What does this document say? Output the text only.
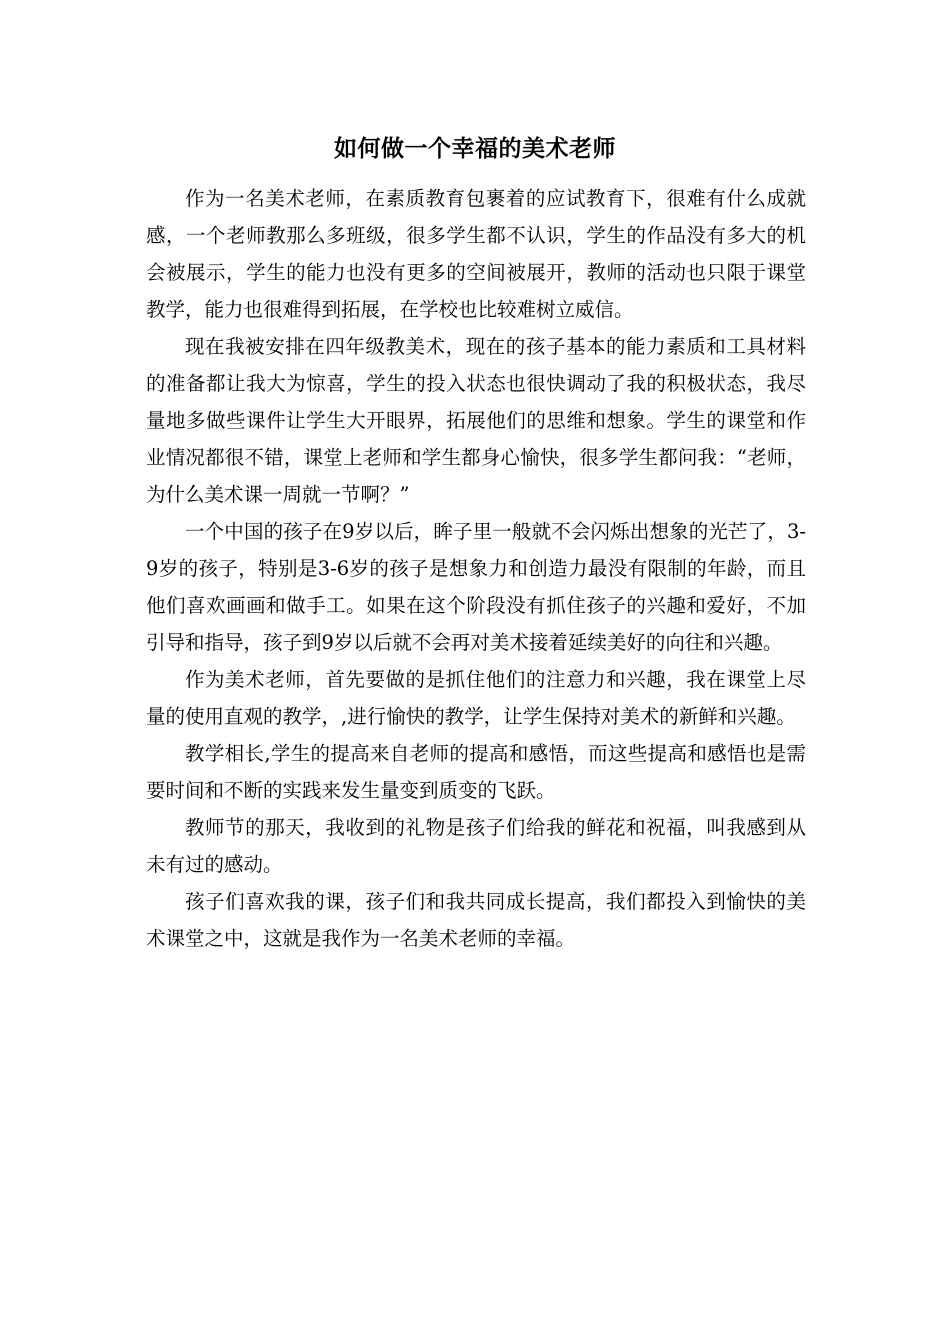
如何做一个幸福的美术老师

作为一名美术老师，在素质教育包裹着的应试教育下，很难有什么成就感，一个老师教那么多班级，很多学生都不认识，学生的作品没有多大的机会被展示，学生的能力也没有更多的空间被展开，教师的活动也只限于课堂教学，能力也很难得到拓展，在学校也比较难树立威信。

现在我被安排在四年级教美术，现在的孩子基本的能力素质和工具材料的准备都让我大为惊喜，学生的投入状态也很快调动了我的积极状态，我尽量地多做些课件让学生大开眼界，拓展他们的思维和想象。学生的课堂和作业情况都很不错，课堂上老师和学生都身心愉快，很多学生都问我：“老师，为什么美术课一周就一节啊？”

一个中国的孩子在9岁以后，眸子里一般就不会闪烁出想象的光芒了，3-9岁的孩子，特别是3-6岁的孩子是想象力和创造力最没有限制的年龄，而且他们喜欢画画和做手工。如果在这个阶段没有抓住孩子的兴趣和爱好，不加引导和指导，孩子到9岁以后就不会再对美术接着延续美好的向往和兴趣。

作为美术老师，首先要做的是抓住他们的注意力和兴趣，我在课堂上尽量的使用直观的教学，,进行愉快的教学，让学生保持对美术的新鲜和兴趣。

教学相长,学生的提高来自老师的提高和感悟，而这些提高和感悟也是需要时间和不断的实践来发生量变到质变的飞跃。

教师节的那天，我收到的礼物是孩子们给我的鲜花和祝福，叫我感到从未有过的感动。

孩子们喜欢我的课，孩子们和我共同成长提高，我们都投入到愉快的美术课堂之中，这就是我作为一名美术老师的幸福。
